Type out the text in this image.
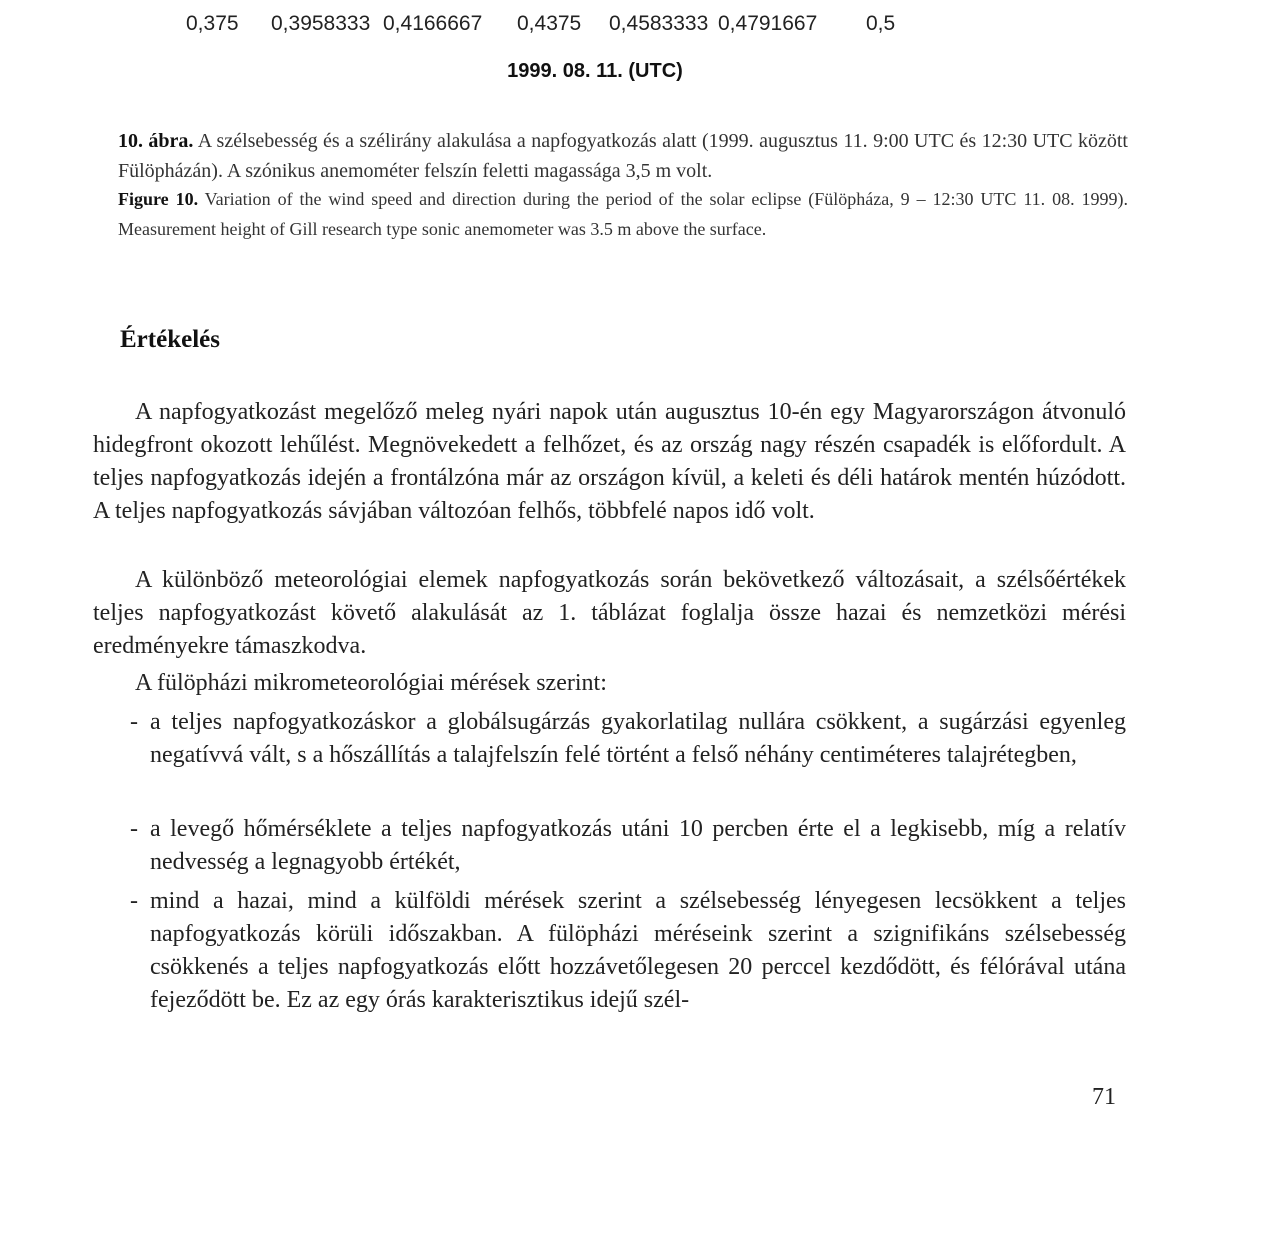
0,375 0,3958333 0,4166667 0,4375 0,4583333 0,4791667 0,5
1999. 08. 11. (UTC)
10. ábra. A szélsebesség és a szélirány alakulása a napfogyatkozás alatt (1999. augusztus 11. 9:00 UTC és 12:30 UTC között Fülöpházán). A szónikus anemométer felszín feletti magassága 3,5 m volt.
Figure 10. Variation of the wind speed and direction during the period of the solar eclipse (Fülöpháza, 9 – 12:30 UTC 11. 08. 1999). Measurement height of Gill research type sonic anemometer was 3.5 m above the surface.
Értékelés

A napfogyatkozást megelőző meleg nyári napok után augusztus 10-én egy Magyarországon átvonuló hidegfront okozott lehűlést. Megnövekedett a felhőzet, és az ország nagy részén csapadék is előfordult. A teljes napfogyatkozás idején a frontálzóna már az országon kívül, a keleti és déli határok mentén húzódott. A teljes napfogyatkozás sávjában változóan felhős, többfelé napos idő volt.

A különböző meteorológiai elemek napfogyatkozás során bekövetkező változásait, a szélsőértékek teljes napfogyatkozást követő alakulását az 1. táblázat foglalja össze hazai és nemzetközi mérési eredményekre támaszkodva.

A fülöpházi mikrometeorológiai mérések szerint:

- a teljes napfogyatkozáskor a globálsugárzás gyakorlatilag nullára csökkent, a sugárzási egyenleg negatívvá vált, s a hőszállítás a talajfelszín felé történt a felső néhány centiméteres talajrétegben,
- a levegő hőmérséklete a teljes napfogyatkozás utáni 10 percben érte el a legkisebb, míg a relatív nedvesség a legnagyobb értékét,
- mind a hazai, mind a külföldi mérések szerint a szélsebesség lényegesen lecsökkent a teljes napfogyatkozás körüli időszakban. A fülöpházi méréseink szerint a szignifikáns szélsebesség csökkenés a teljes napfogyatkozás előtt hozzávetőlegesen 20 perccel kezdődött, és félórával utána fejeződött be. Ez az egy órás karakterisztikus idejű szél-
71
